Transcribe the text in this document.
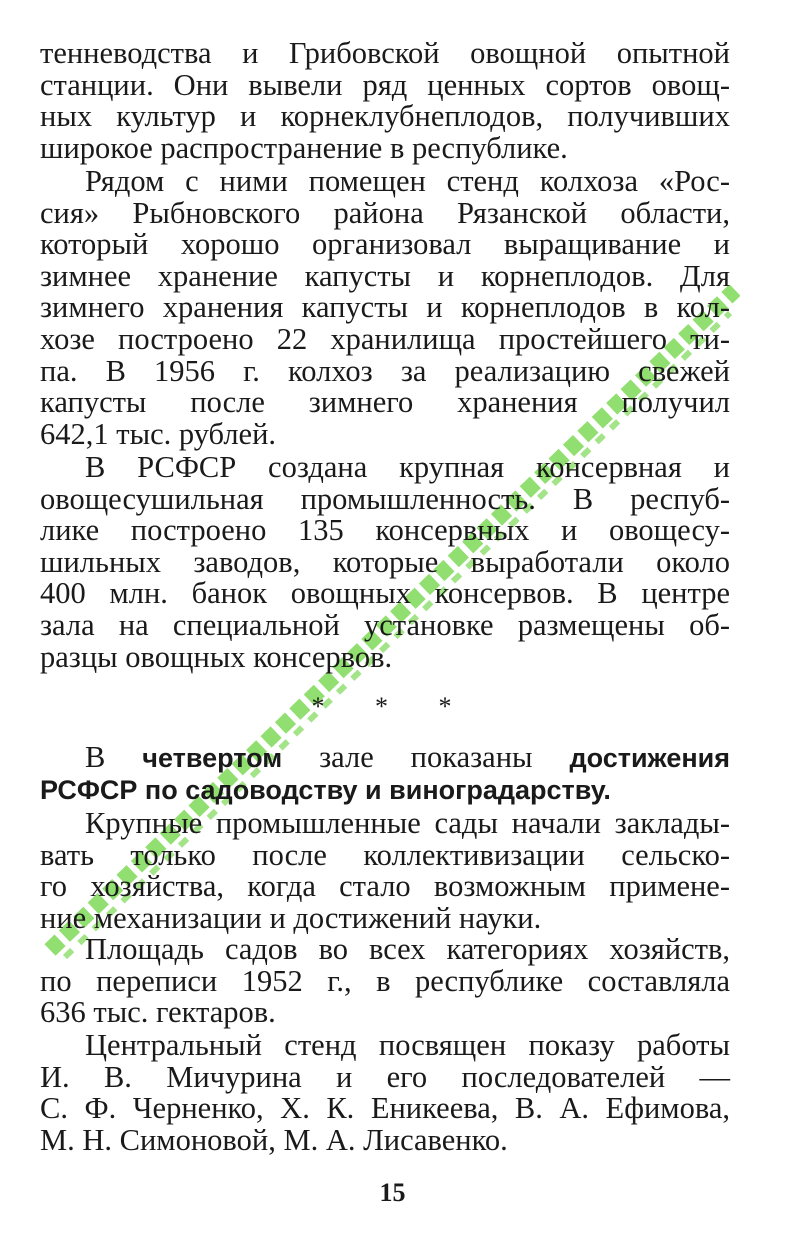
тенневодства и Грибовской овощной опытной
станции. Они вывели ряд ценных сортов овощ-
ных культур и корнеклубнеплодов, получивших
широкое распространение в республике.
Рядом с ними помещен стенд колхоза «Рос-
сия» Рыбновского района Рязанской области,
который хорошо организовал выращивание и
зимнее хранение капусты и корнеплодов. Для
зимнего хранения капусты и корнеплодов в кол-
хозе построено 22 хранилища простейшего ти-
па. В 1956 г. колхоз за реализацию свежей
капусты после зимнего хранения получил
642,1 тыс. рублей.
В РСФСР создана крупная консервная и
овощесушильная промышленность. В респуб-
лике построено 135 консервных и овощесу-
шильных заводов, которые выработали около
400 млн. банок овощных консервов. В центре
зала на специальной установке размещены об-
разцы овощных консервов.
* * *
В четвертом зале показаны достижения
РСФСР по садоводству и виноградарству.
Крупные промышленные сады начали заклады-
вать только после коллективизации сельско-
го хозяйства, когда стало возможным примене-
ние механизации и достижений науки.
Площадь садов во всех категориях хозяйств,
по переписи 1952 г., в республике составляла
636 тыс. гектаров.
Центральный стенд посвящен показу работы
И. В. Мичурина и его последователей —
С. Ф. Черненко, Х. К. Еникеева, В. А. Ефимова,
М. Н. Симоновой, М. А. Лисавенко.
15
